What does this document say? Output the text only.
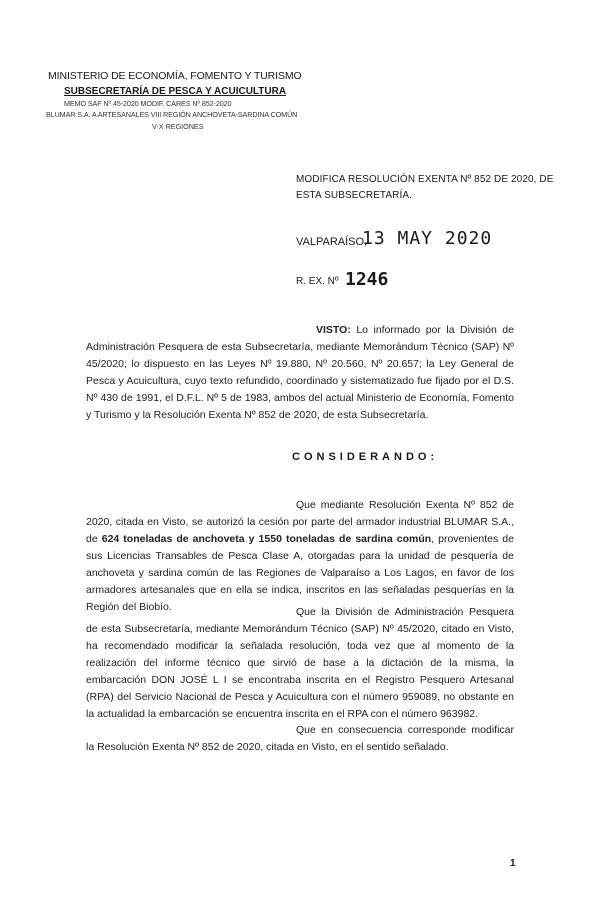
MINISTERIO DE ECONOMÍA, FOMENTO Y TURISMO
SUBSECRETARÍA DE PESCA Y ACUICULTURA
MEMO SAF Nº 45-2020 MODIF. CARES Nº 852-2020
BLUMAR S.A. A ARTESANALES VIII REGIÓN ANCHOVETA-SARDINA COMÚN
V-X REGIONES
MODIFICA RESOLUCIÓN EXENTA Nº 852 DE 2020, DE ESTA SUBSECRETARÍA.
VALPARAÍSO,
13 MAY 2020
R. EX. Nº 1246
VISTO: Lo informado por la División de Administración Pesquera de esta Subsecretaría, mediante Memorándum Técnico (SAP) Nº 45/2020; lo dispuesto en las Leyes Nº 19.880, Nº 20.560, Nº 20.657; la Ley General de Pesca y Acuicultura, cuyo texto refundido, coordinado y sistematizado fue fijado por el D.S. Nº 430 de 1991, el D.F.L. Nº 5 de 1983, ambos del actual Ministerio de Economía, Fomento y Turismo y la Resolución Exenta Nº 852 de 2020, de esta Subsecretaría.
CONSIDERANDO:
Que mediante Resolución Exenta Nº 852 de 2020, citada en Visto, se autorizó la cesión por parte del armador industrial BLUMAR S.A., de 624 toneladas de anchoveta y 1550 toneladas de sardina común, provenientes de sus Licencias Transables de Pesca Clase A, otorgadas para la unidad de pesquería de anchoveta y sardina común de las Regiones de Valparaíso a Los Lagos, en favor de los armadores artesanales que en ella se indica, inscritos en las señaladas pesquerías en la Región del Biobío.	Que la División de Administración Pesquera de esta Subsecretaría, mediante Memorándum Técnico (SAP) Nº 45/2020, citado en Visto, ha recomendado modificar la señalada resolución, toda vez que al momento de la realización del informe técnico que sirvió de base a la dictación de la misma, la embarcación DON JOSÉ L I se encontraba inscrita en el Registro Pesquero Artesanal (RPA) del Servicio Nacional de Pesca y Acuicultura con el número 959089, no obstante en la actualidad la embarcación se encuentra inscrita en el RPA con el número 963982.
Que en consecuencia corresponde modificar la Resolución Exenta Nº 852 de 2020, citada en Visto, en el sentido señalado.
1
